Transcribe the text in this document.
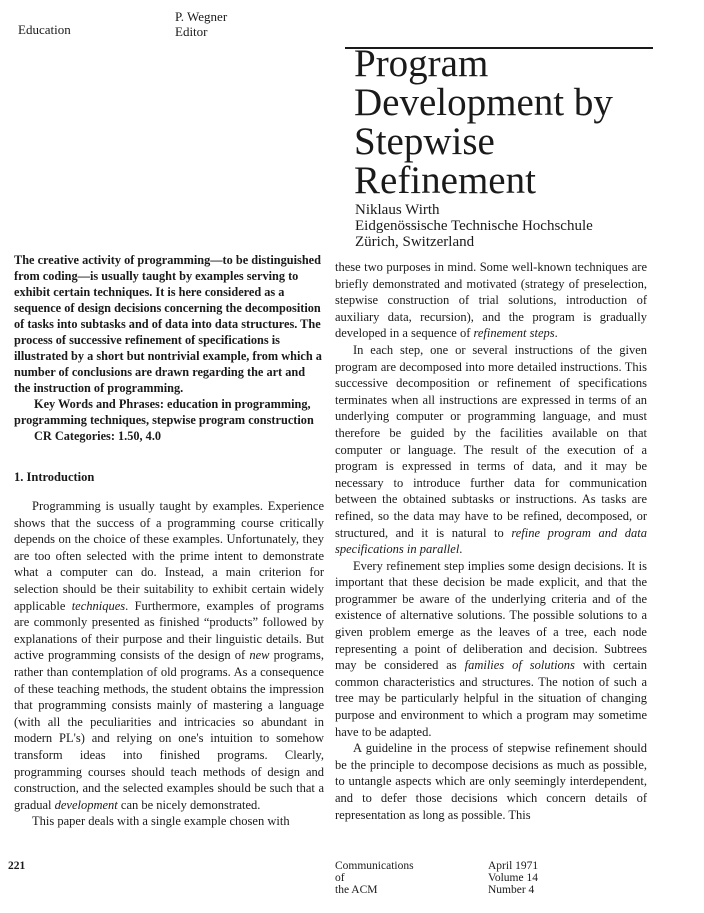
Education
P. Wegner
Editor
Program
Development by
Stepwise
Refinement
Niklaus Wirth
Eidgenössische Technische Hochschule
Zürich, Switzerland

The creative activity of programming—to be distinguished from coding—is usually taught by examples serving to exhibit certain techniques. It is here considered as a sequence of design decisions concerning the decomposition of tasks into subtasks and of data into data structures. The process of successive refinement of specifications is illustrated by a short but nontrivial example, from which a number of conclusions are drawn regarding the art and the instruction of programming.

Key Words and Phrases: education in programming, programming techniques, stepwise program construction

CR Categories: 1.50, 4.0

1. Introduction

Programming is usually taught by examples. Experience shows that the success of a programming course critically depends on the choice of these examples. Unfortunately, they are too often selected with the prime intent to demonstrate what a computer can do. Instead, a main criterion for selection should be their suitability to exhibit certain widely applicable techniques. Furthermore, examples of programs are commonly presented as finished “products” followed by explanations of their purpose and their linguistic details. But active programming consists of the design of new programs, rather than contemplation of old programs. As a consequence of these teaching methods, the student obtains the impression that programming consists mainly of mastering a language (with all the peculiarities and intricacies so abundant in modern PL's) and relying on one's intuition to somehow transform ideas into finished programs. Clearly, programming courses should teach methods of design and construction, and the selected examples should be such that a gradual development can be nicely demonstrated.

This paper deals with a single example chosen with

these two purposes in mind. Some well-known techniques are briefly demonstrated and motivated (strategy of preselection, stepwise construction of trial solutions, introduction of auxiliary data, recursion), and the program is gradually developed in a sequence of refinement steps.

In each step, one or several instructions of the given program are decomposed into more detailed instructions. This successive decomposition or refinement of specifications terminates when all instructions are expressed in terms of an underlying computer or programming language, and must therefore be guided by the facilities available on that computer or language. The result of the execution of a program is expressed in terms of data, and it may be necessary to introduce further data for communication between the obtained subtasks or instructions. As tasks are refined, so the data may have to be refined, decomposed, or structured, and it is natural to refine program and data specifications in parallel.

Every refinement step implies some design decisions. It is important that these decision be made explicit, and that the programmer be aware of the underlying criteria and of the existence of alternative solutions. The possible solutions to a given problem emerge as the leaves of a tree, each node representing a point of deliberation and decision. Subtrees may be considered as families of solutions with certain common characteristics and structures. The notion of such a tree may be particularly helpful in the situation of changing purpose and environment to which a program may sometime have to be adapted.

A guideline in the process of stepwise refinement should be the principle to decompose decisions as much as possible, to untangle aspects which are only seemingly interdependent, and to defer those decisions which concern details of representation as long as possible. This

221	Communications
of
the ACM
April 1971
Volume 14
Number 4
